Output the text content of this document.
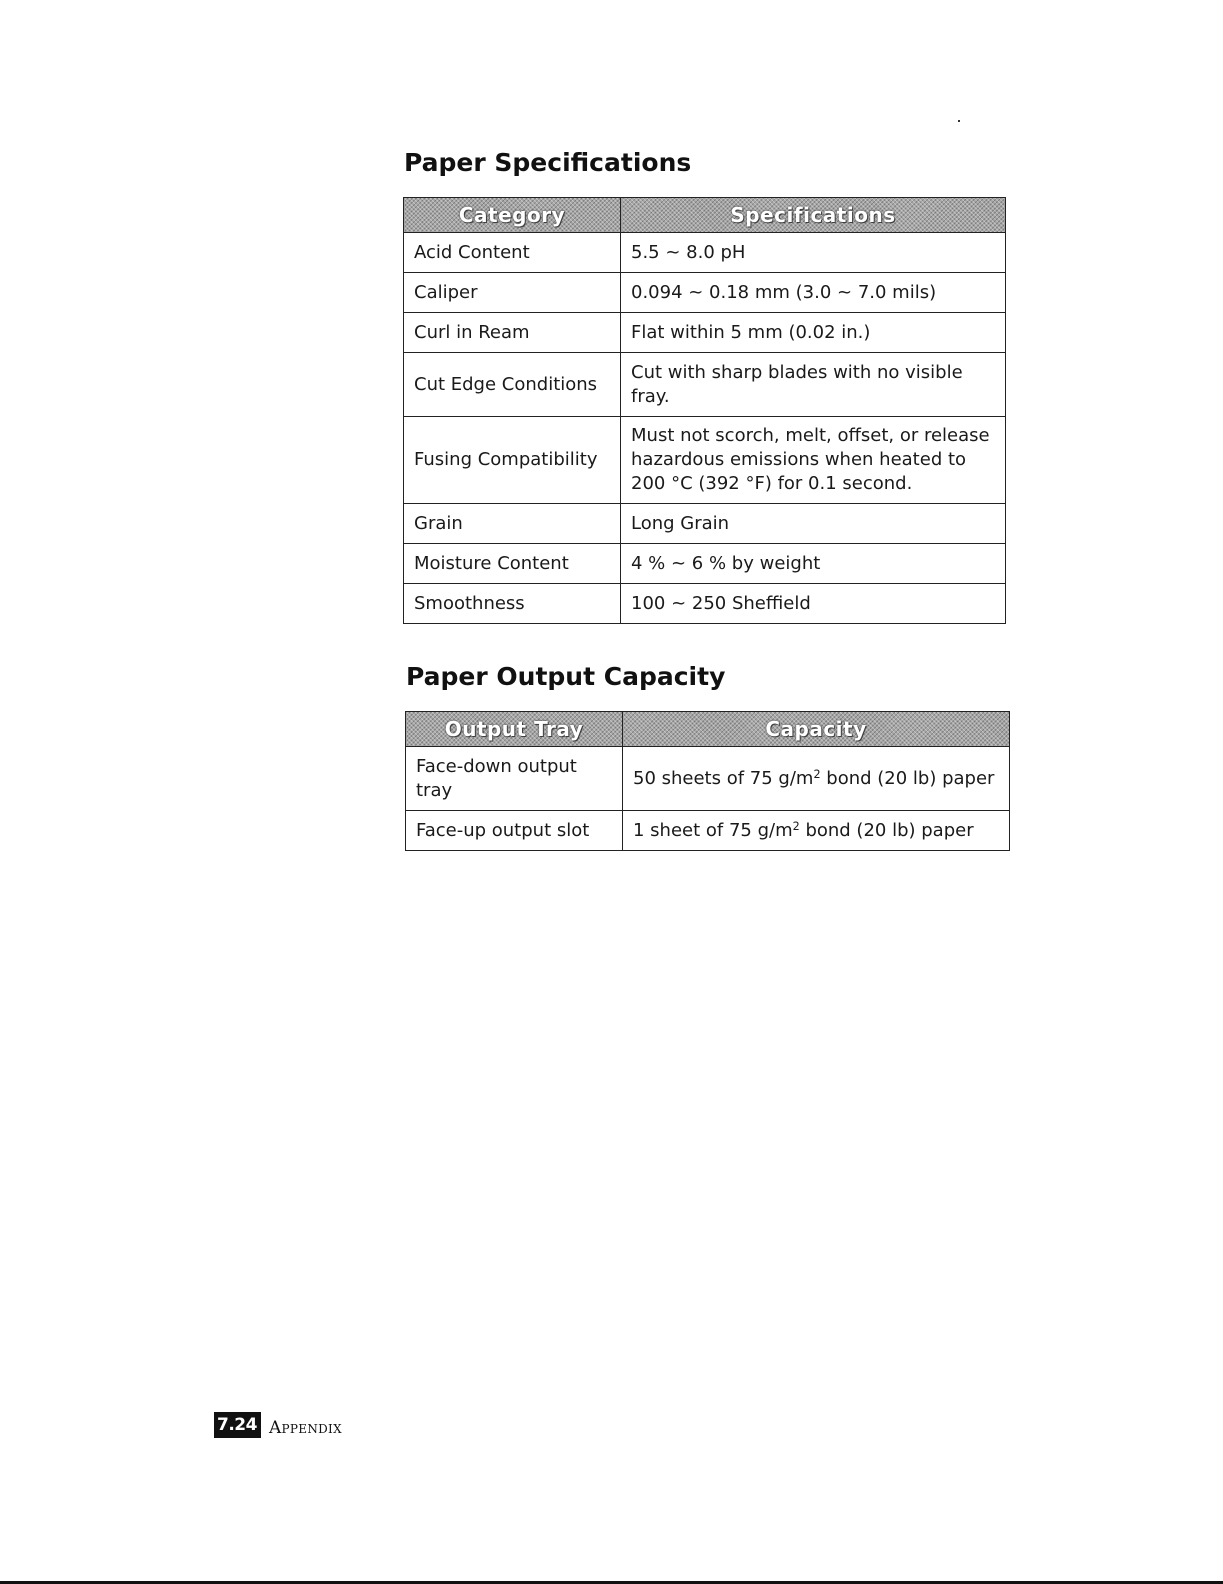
Paper Specifications
Category	Specifications
Acid Content	5.5 ~ 8.0 pH
Caliper	0.094 ~ 0.18 mm (3.0 ~ 7.0 mils)
Curl in Ream	Flat within 5 mm (0.02 in.)
Cut Edge Conditions	Cut with sharp blades with no visible fray.
Fusing Compatibility	Must not scorch, melt, offset, or release hazardous emissions when heated to 200 °C (392 °F) for 0.1 second.
Grain	Long Grain
Moisture Content	4 % ~ 6 % by weight
Smoothness	100 ~ 250 Sheffield
Paper Output Capacity
Output Tray	Capacity
Face-down output tray	50 sheets of 75 $g/m^2$ bond (20 lb) paper
Face-up output slot	1 sheet of 75 $g/m^2$ bond (20 lb) paper
7.24 Appendix
